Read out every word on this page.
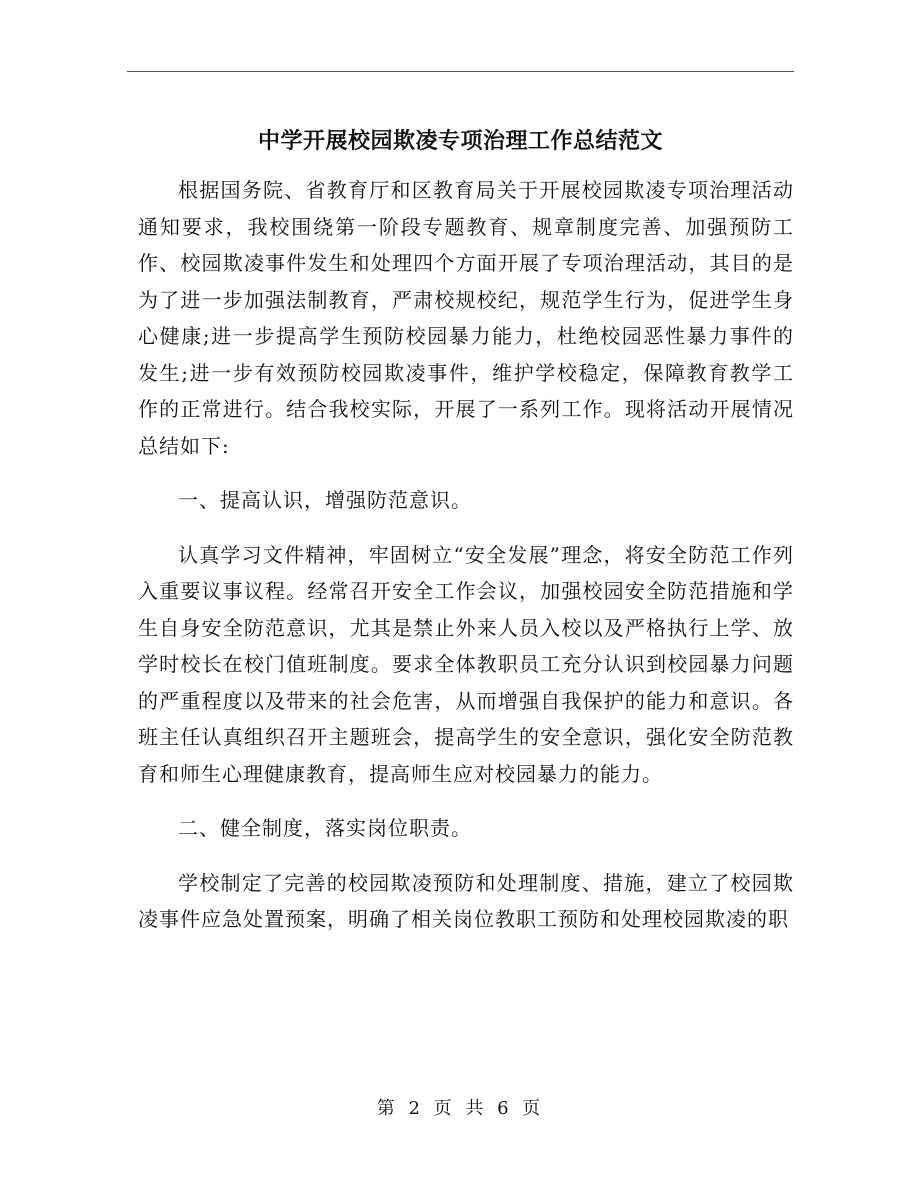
中学开展校园欺凌专项治理工作总结范文

根据国务院、省教育厅和区教育局关于开展校园欺凌专项治理活动通知要求，我校围绕第一阶段专题教育、规章制度完善、加强预防工作、校园欺凌事件发生和处理四个方面开展了专项治理活动，其目的是为了进一步加强法制教育，严肃校规校纪，规范学生行为，促进学生身心健康;进一步提高学生预防校园暴力能力，杜绝校园恶性暴力事件的发生;进一步有效预防校园欺凌事件，维护学校稳定，保障教育教学工作的正常进行。结合我校实际，开展了一系列工作。现将活动开展情况总结如下:

一、提高认识，增强防范意识。

认真学习文件精神，牢固树立“安全发展”理念，将安全防范工作列入重要议事议程。经常召开安全工作会议，加强校园安全防范措施和学生自身安全防范意识，尤其是禁止外来人员入校以及严格执行上学、放学时校长在校门值班制度。要求全体教职员工充分认识到校园暴力问题的严重程度以及带来的社会危害，从而增强自我保护的能力和意识。各班主任认真组织召开主题班会，提高学生的安全意识，强化安全防范教育和师生心理健康教育，提高师生应对校园暴力的能力。

二、健全制度，落实岗位职责。

学校制定了完善的校园欺凌预防和处理制度、措施，建立了校园欺凌事件应急处置预案，明确了相关岗位教职工预防和处理校园欺凌的职

第 2 页 共 6 页
